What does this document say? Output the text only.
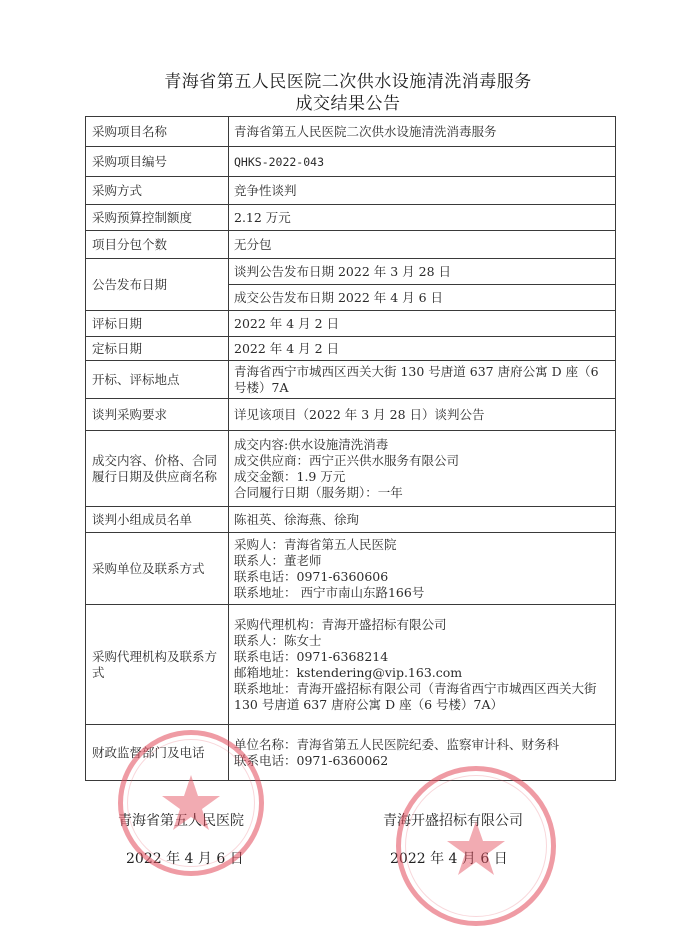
青海省第五人民医院二次供水设施清洗消毒服务
成交结果公告
采购项目名称	青海省第五人民医院二次供水设施清洗消毒服务
采购项目编号	QHKS-2022-043
采购方式	竞争性谈判
采购预算控制额度	2.12 万元
项目分包个数	无分包
公告发布日期	谈判公告发布日期 2022 年 3 月 28 日
	成交公告发布日期 2022 年 4 月 6 日
评标日期	2022 年 4 月 2 日
定标日期	2022 年 4 月 2 日
开标、评标地点	青海省西宁市城西区西关大街 130 号唐道 637 唐府公寓 D 座（6 号楼）7A
谈判采购要求	详见该项目（2022 年 3 月 28 日）谈判公告
成交内容、价格、合同履行日期及供应商名称	成交内容:供水设施清洗消毒
成交供应商：西宁正兴供水服务有限公司
成交金额：1.9 万元
合同履行日期（服务期）：一年

谈判小组成员名单	陈祖英、徐海燕、徐珣
采购单位及联系方式	采购人：青海省第五人民医院
联系人：董老师
联系电话：0971-6360606
联系地址： 西宁市南山东路166号

采购代理机构及联系方式	采购代理机构：青海开盛招标有限公司
联系人：陈女士
联系电话：0971-6368214
邮箱地址：kstendering@vip.163.com
联系地址：青海开盛招标有限公司（青海省西宁市城西区西关大街 130 号唐道 637 唐府公寓 D 座（6 号楼）7A）

财政监督部门及电话	单位名称：青海省第五人民医院纪委、监察审计科、财务科
联系电话：0971-6360062
青海省第五人民医院
2022 年 4 月 6 日
青海开盛招标有限公司
2022 年 4 月 6 日
